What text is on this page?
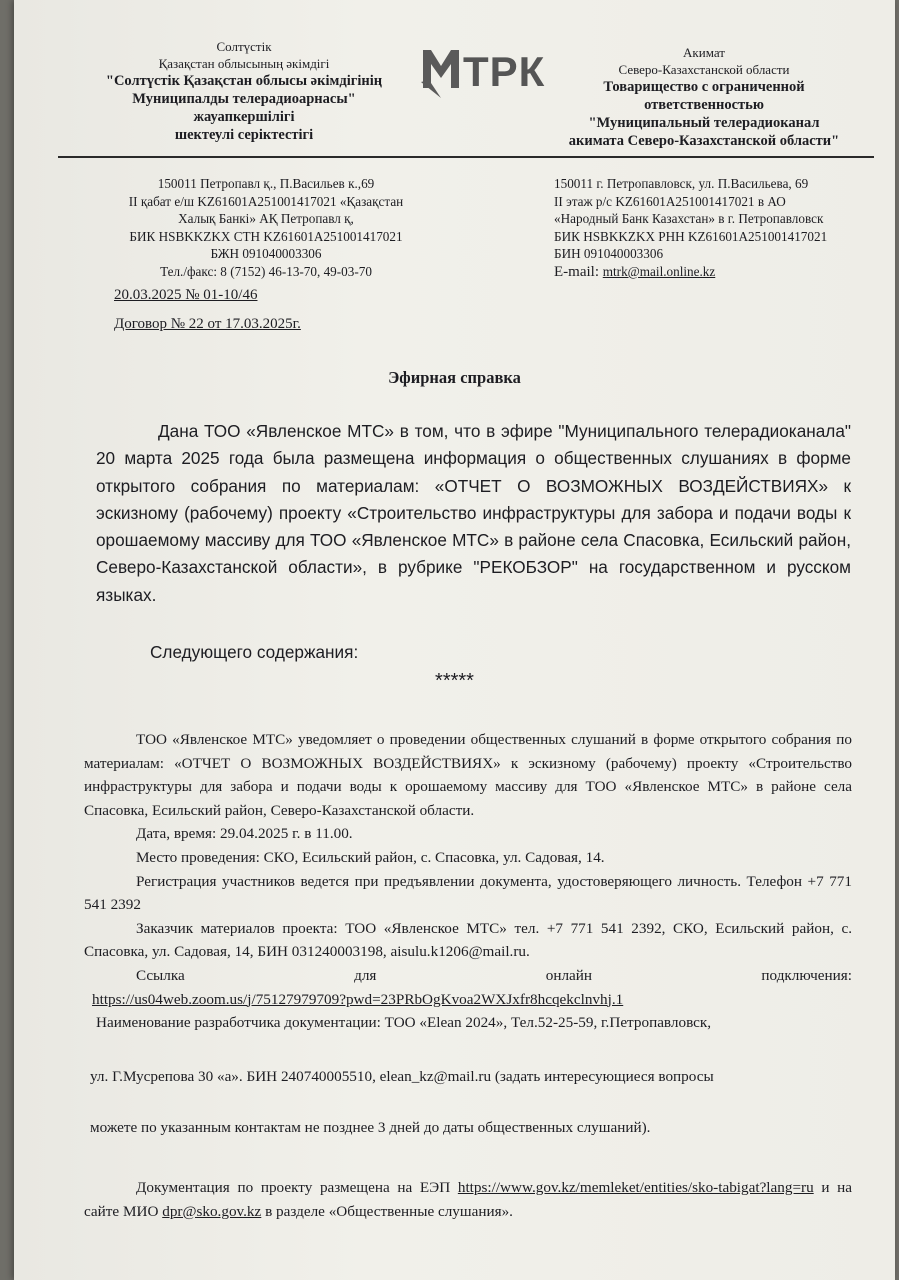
Солтүстік
Қазақстан облысының әкімдігі
"Солтүстік Қазақстан облысы әкімдігінің
Муниципалды телерадиоарнасы"
жауапкершілігі
шектеулі серіктестігі
ТРК	Акимат
Северо-Казахстанской области
Товарищество с ограниченной
ответственностью
"Муниципальный телерадиоканал
акимата Северо-Казахстанской области"
150011 Петропавл қ., П.Васильев к.,69
II қабат е/ш KZ61601A251001417021 «Қазақстан
Халық Банкі» АҚ Петропавл қ,
БИК HSBKKZKX СТН KZ61601A251001417021
БЖН 091040003306
Тел./факс: 8 (7152) 46-13-70, 49-03-70
150011 г. Петропавловск, ул. П.Васильева, 69
II этаж р/с KZ61601A251001417021 в АО
«Народный Банк Казахстан» в г. Петропавловск
БИК HSBKKZKX РНН KZ61601A251001417021
БИН 091040003306
E-mail: mtrk@mail.online.kz
20.03.2025 № 01-10/46
Договор № 22 от 17.03.2025г.
Эфирная справка
Дана ТОО «Явленское МТС» в том, что в эфире "Муниципального телерадиоканала" 20 марта 2025 года была размещена информация о общественных слушаниях в форме открытого собрания по материалам: «ОТЧЕТ О ВОЗМОЖНЫХ ВОЗДЕЙСТВИЯХ» к эскизному (рабочему) проекту «Строительство инфраструктуры для забора и подачи воды к орошаемому массиву для ТОО «Явленское МТС» в районе села Спасовка, Есильский район, Северо-Казахстанской области», в рубрике "РЕКОБЗОР" на государственном и русском языках.
Следующего содержания:
*****

ТОО «Явленское МТС» уведомляет о проведении общественных слушаний в форме открытого собрания по материалам: «ОТЧЕТ О ВОЗМОЖНЫХ ВОЗДЕЙСТВИЯХ» к эскизному (рабочему) проекту «Строительство инфраструктуры для забора и подачи воды к орошаемому массиву для ТОО «Явленское МТС» в районе села Спасовка, Есильский район, Северо-Казахстанской области.

Дата, время: 29.04.2025 г. в 11.00.

Место проведения: СКО, Есильский район, с. Спасовка, ул. Садовая, 14.

Регистрация участников ведется при предъявлении документа, удостоверяющего личность. Телефон +7 771 541 2392

Заказчик материалов проекта: ТОО «Явленское МТС» тел. +7 771 541 2392, СКО, Есильский район, с. Спасовка, ул. Садовая, 14, БИН 031240003198, aisulu.k1206@mail.ru.

Ссылка	для	онлайн	подключения:
https://us04web.zoom.us/j/75127979709?pwd=23PRbOgKvoa2WXJxfr8hcqekclnvhj.1
Наименование разработчика документации: ТОО «Elean 2024», Тел.52-25-59, г.Петропавловск,
ул. Г.Мусрепова 30 «а». БИН 240740005510, elean_kz@mail.ru (задать интересующиеся вопросы
можете по указанным контактам не позднее 3 дней до даты общественных слушаний).

Документация по проекту размещена на ЕЭП https://www.gov.kz/memleket/entities/sko-tabigat?lang=ru и на сайте МИО dpr@sko.gov.kz в разделе «Общественные слушания».
